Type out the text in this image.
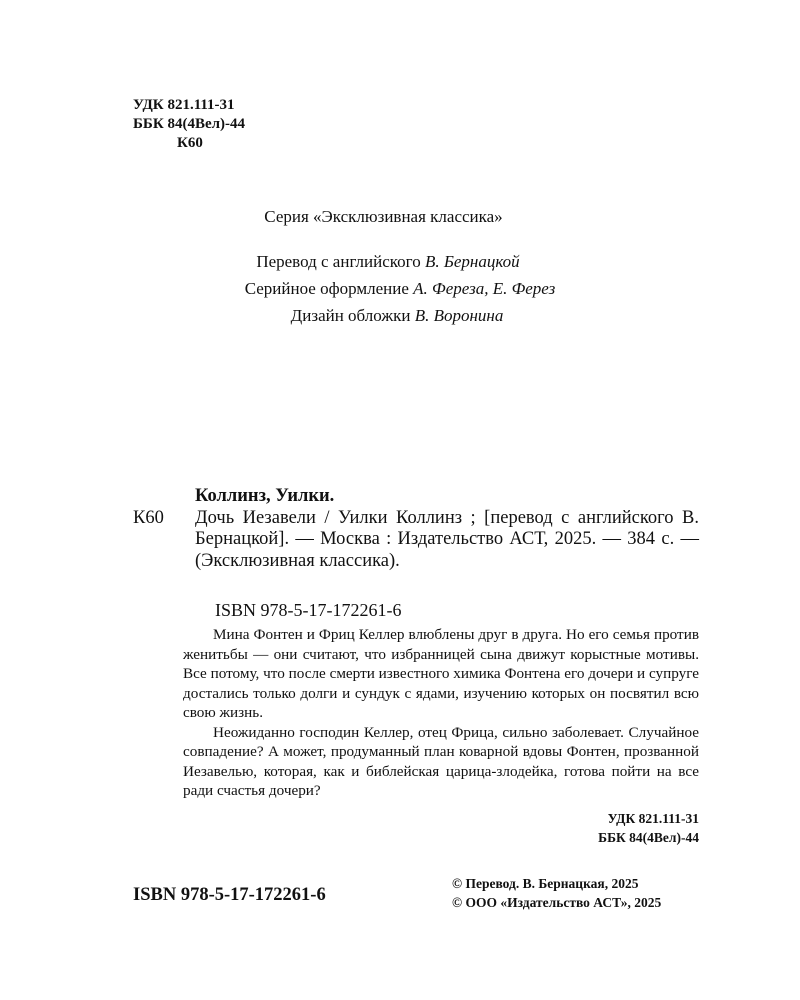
УДК 821.111-31
ББК 84(4Вел)-44
К60
Серия «Эксклюзивная классика»
Перевод с английского В. Бернацкой
Серийное оформление А. Фереза, Е. Ферез
Дизайн обложки В. Воронина
Коллинз, Уилки.
К60 Дочь Иезавели / Уилки Коллинз ; [перевод с английского В. Бернацкой]. — Москва : Издательство АСТ, 2025. — 384 с. — (Эксклюзивная классика).
ISBN 978-5-17-172261-6

Мина Фонтен и Фриц Келлер влюблены друг в друга. Но его семья против женитьбы — они считают, что избранницей сына движут корыстные мотивы. Все потому, что после смерти известного химика Фонтена его дочери и супруге достались только долги и сундук с ядами, изучению которых он посвятил всю свою жизнь.

Неожиданно господин Келлер, отец Фрица, сильно заболевает. Случайное совпадение? А может, продуманный план коварной вдовы Фонтен, прозванной Иезавелью, которая, как и библейская царица-злодейка, готова пойти на все ради счастья дочери?

УДК 821.111-31
ББК 84(4Вел)-44
ISBN 978-5-17-172261-6
© Перевод. В. Бернацкая, 2025
© ООО «Издательство АСТ», 2025
